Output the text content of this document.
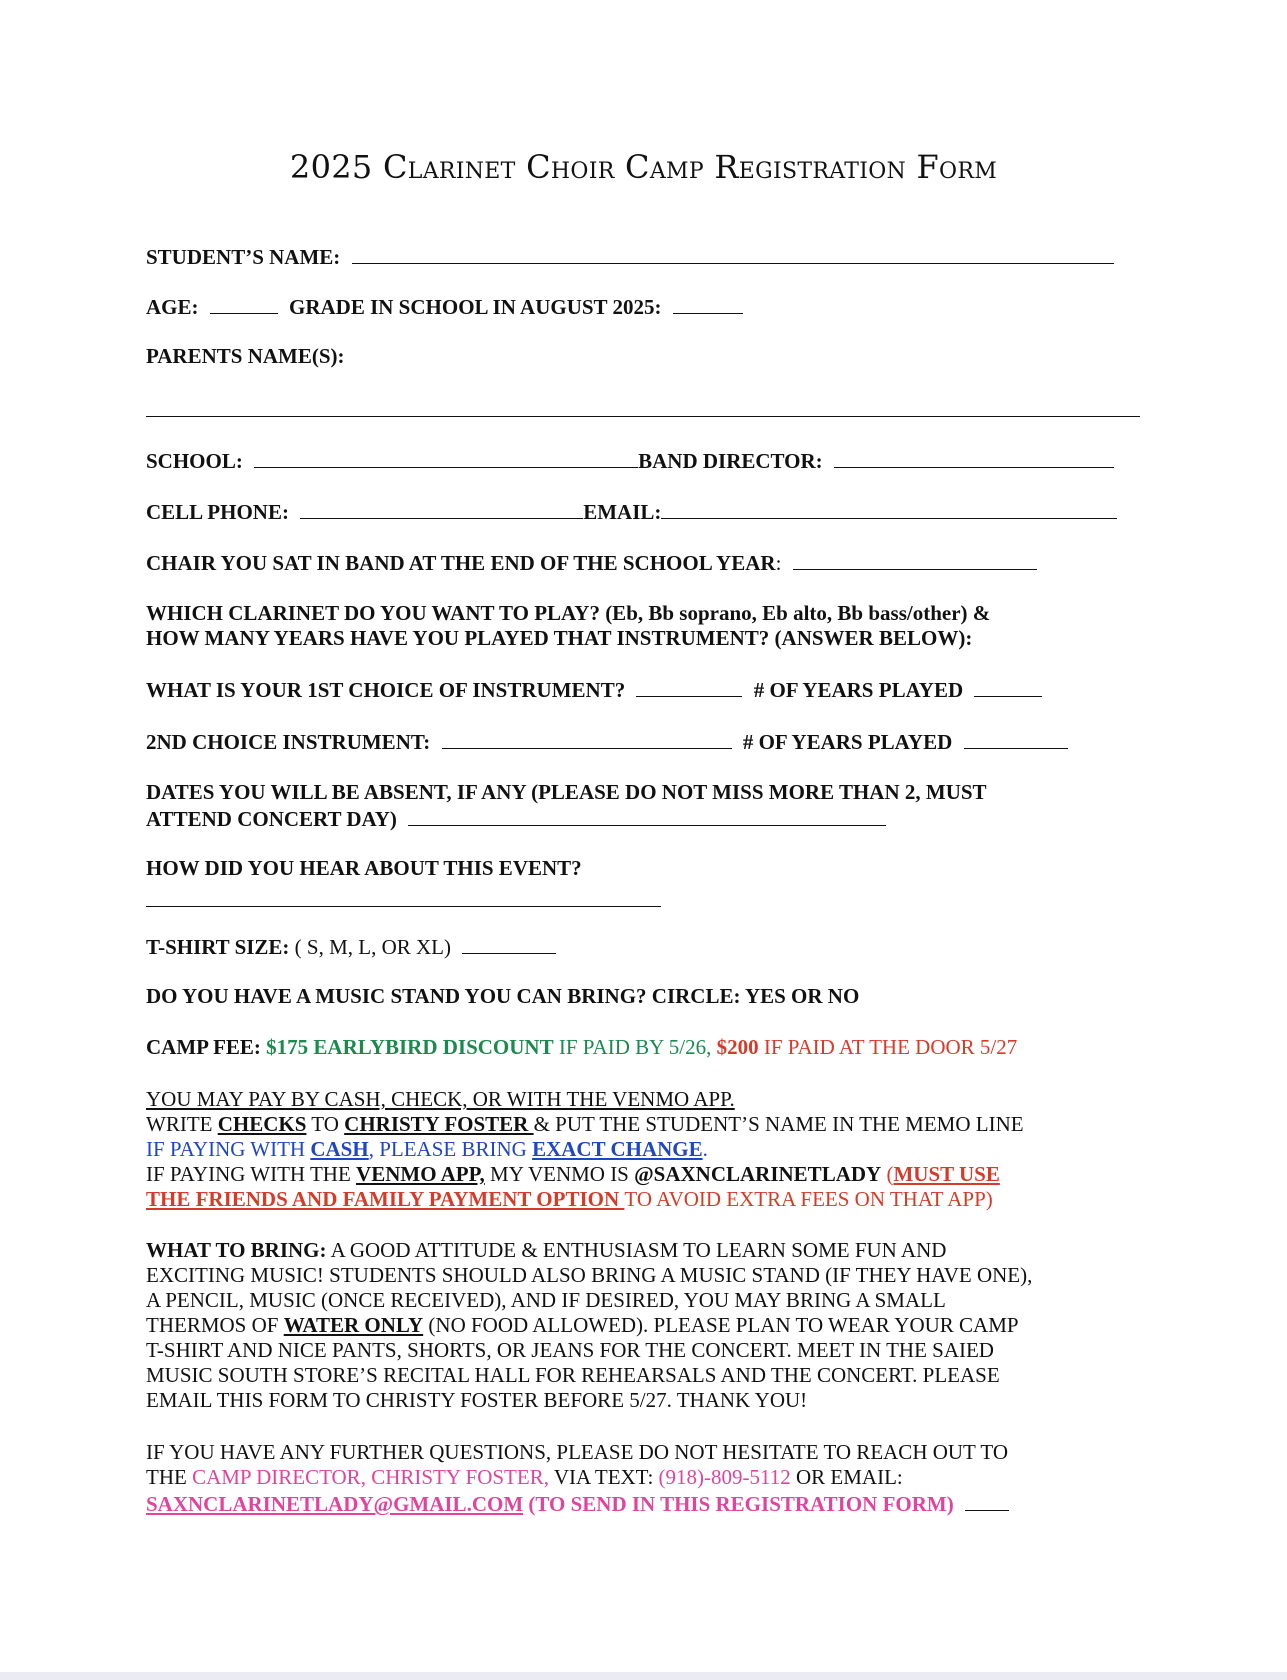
2025 Clarinet Choir Camp Registration Form
STUDENT’S NAME:
AGE:	GRADE IN SCHOOL IN AUGUST 2025:
PARENTS NAME(S):
SCHOOL:	BAND DIRECTOR:
CELL PHONE:	EMAIL:
CHAIR YOU SAT IN BAND AT THE END OF THE SCHOOL YEAR:
WHICH CLARINET DO YOU WANT TO PLAY? (Eb, Bb soprano, Eb alto, Bb bass/other) &
HOW MANY YEARS HAVE YOU PLAYED THAT INSTRUMENT? (ANSWER BELOW):
WHAT IS YOUR 1ST CHOICE OF INSTRUMENT?	# OF YEARS PLAYED
2ND CHOICE INSTRUMENT:	# OF YEARS PLAYED
DATES YOU WILL BE ABSENT, IF ANY (PLEASE DO NOT MISS MORE THAN 2, MUST
ATTEND CONCERT DAY)
HOW DID YOU HEAR ABOUT THIS EVENT?
T-SHIRT SIZE: ( S, M, L, OR XL)
DO YOU HAVE A MUSIC STAND YOU CAN BRING? CIRCLE: YES OR NO
CAMP FEE: $175 EARLYBIRD DISCOUNT IF PAID BY 5/26, $200 IF PAID AT THE DOOR 5/27
YOU MAY PAY BY CASH, CHECK, OR WITH THE VENMO APP.
WRITE CHECKS TO CHRISTY FOSTER & PUT THE STUDENT’S NAME IN THE MEMO LINE
IF PAYING WITH CASH, PLEASE BRING EXACT CHANGE.
IF PAYING WITH THE VENMO APP, MY VENMO IS @SAXNCLARINETLADY (MUST USE
THE FRIENDS AND FAMILY PAYMENT OPTION TO AVOID EXTRA FEES ON THAT APP)
WHAT TO BRING: A GOOD ATTITUDE & ENTHUSIASM TO LEARN SOME FUN AND
EXCITING MUSIC! STUDENTS SHOULD ALSO BRING A MUSIC STAND (IF THEY HAVE ONE),
A PENCIL, MUSIC (ONCE RECEIVED), AND IF DESIRED, YOU MAY BRING A SMALL
THERMOS OF WATER ONLY (NO FOOD ALLOWED). PLEASE PLAN TO WEAR YOUR CAMP
T-SHIRT AND NICE PANTS, SHORTS, OR JEANS FOR THE CONCERT. MEET IN THE SAIED
MUSIC SOUTH STORE’S RECITAL HALL FOR REHEARSALS AND THE CONCERT. PLEASE
EMAIL THIS FORM TO CHRISTY FOSTER BEFORE 5/27. THANK YOU!
IF YOU HAVE ANY FURTHER QUESTIONS, PLEASE DO NOT HESITATE TO REACH OUT TO
THE CAMP DIRECTOR, CHRISTY FOSTER, VIA TEXT: (918)-809-5112 OR EMAIL:
SAXNCLARINETLADY@GMAIL.COM (TO SEND IN THIS REGISTRATION FORM)
